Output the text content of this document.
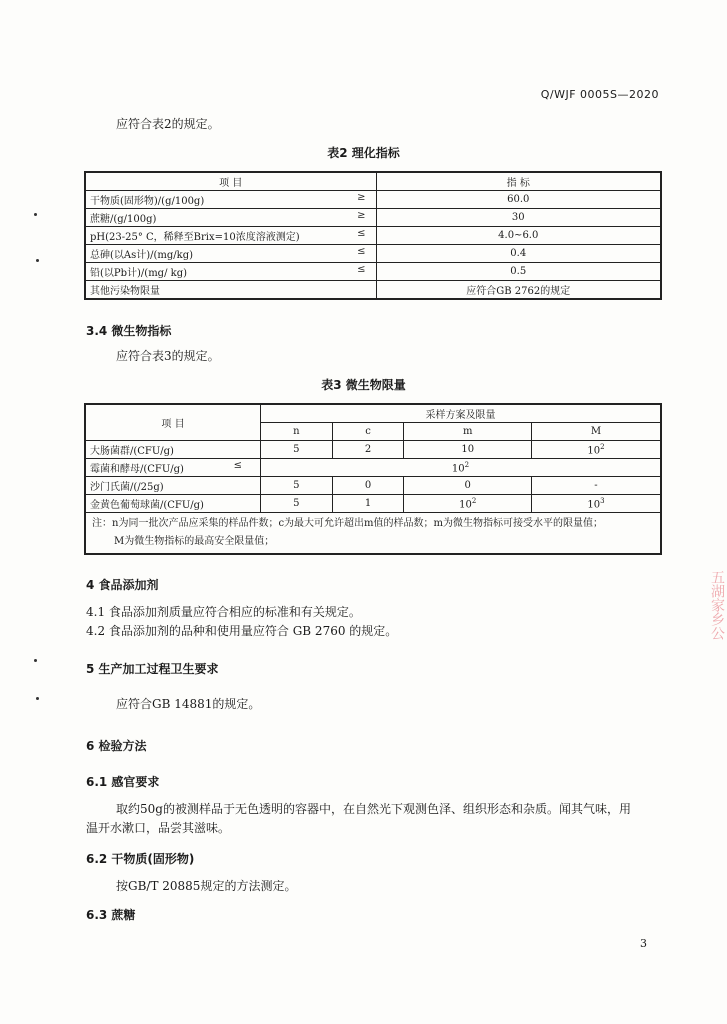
Q/WJF 0005S—2020
应符合表2的规定。
表2 理化指标
项 目	指 标
干物质(固形物)/(g/100g) ≥	60.0
蔗糖/(g/100g) ≥	30
pH(23-25° C，稀释至Brix=10浓度溶液测定) ≤	4.0~6.0
总砷(以As计)/(mg/kg) ≤	0.4
铅(以Pb计)/(mg/ kg) ≤	0.5
其他污染物限量	应符合GB 2762的规定
3.4 微生物指标
应符合表3的规定。
表3 微生物限量
项 目	采样方案及限量			
	n	c	m	M
大肠菌群/(CFU/g)	5	2	10	$10^2$
霉菌和酵母/(CFU/g) ≤	$10^2$
沙门氏菌/(/25g)	5	0	0	-
金黄色葡萄球菌/(CFU/g)	5	1	$10^2$	$10^3$

注：n为同一批次产品应采集的样品件数；c为最大可允许超出m值的样品数；m为微生物指标可接受水平的限量值；
M为微生物指标的最高安全限量值；				
4 食品添加剂
4.1 食品添加剂质量应符合相应的标准和有关规定。
4.2 食品添加剂的品种和使用量应符合 GB 2760 的规定。
5 生产加工过程卫生要求
应符合GB 14881的规定。
6 检验方法
6.1 感官要求
取约50g的被测样品于无色透明的容器中，在自然光下观测色泽、组织形态和杂质。闻其气味，用
温开水漱口，品尝其滋味。
6.2 干物质(固形物)
按GB/T 20885规定的方法测定。
6.3 蔗糖
3
五湖家乡公
